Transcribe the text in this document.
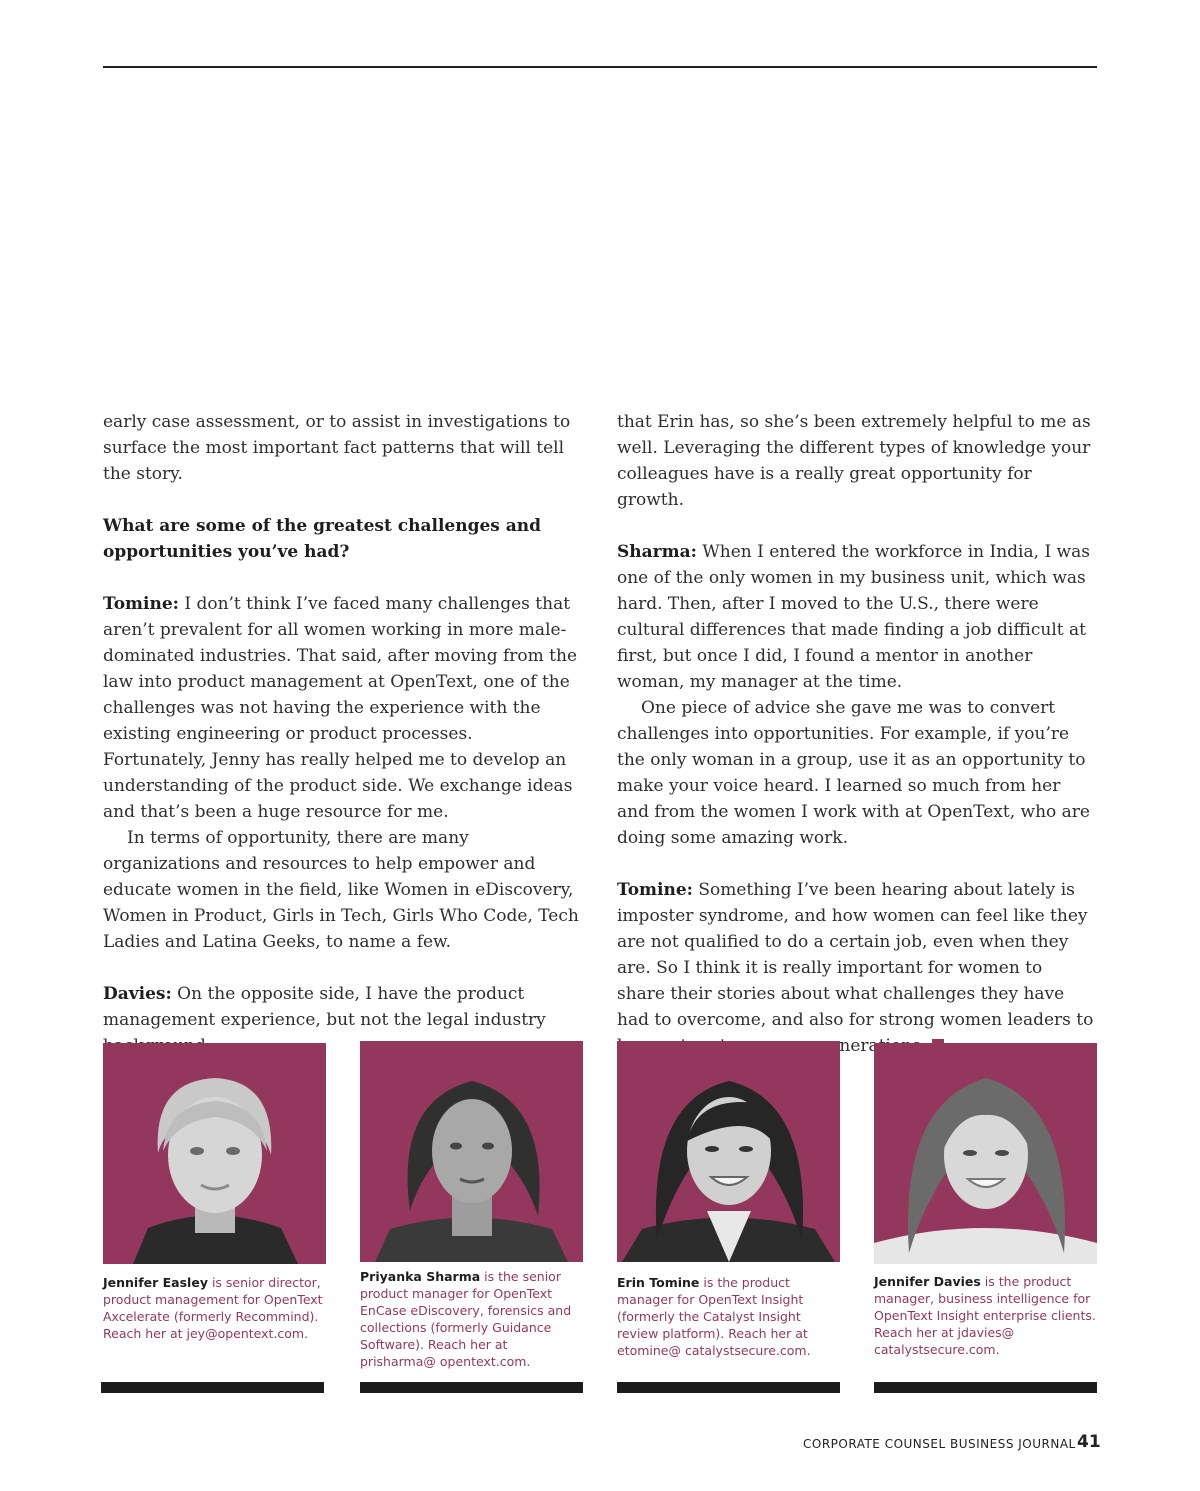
early case assessment, or to assist in investigations to surface the most important fact patterns that will tell the story.

What are some of the greatest challenges and opportunities you’ve had?

Tomine: I don’t think I’ve faced many challenges that aren’t prevalent for all women working in more male-dominated industries. That said, after moving from the law into product management at OpenText, one of the challenges was not having the experience with the existing engineering or product processes. Fortunately, Jenny has really helped me to develop an understanding of the product side. We exchange ideas and that’s been a huge resource for me.

In terms of opportunity, there are many organizations and resources to help empower and educate women in the field, like Women in eDiscovery, Women in Product, Girls in Tech, Girls Who Code, Tech Ladies and Latina Geeks, to name a few.

Davies: On the opposite side, I have the product management experience, but not the legal industry

that Erin has, so she’s been extremely helpful to me as well. Leveraging the different types of knowledge your colleagues have is a really great opportunity for growth.

Sharma: When I entered the workforce in India, I was one of the only women in my business unit, which was hard. Then, after I moved to the U.S., there were cultural differences that made finding a job difficult at first, but once I did, I found a mentor in another woman, my manager at the time.

One piece of advice she gave me was to convert challenges into opportunities. For example, if you’re the only woman in a group, use it as an opportunity to make your voice heard. I learned so much from her and from the women I work with at OpenText, who are doing some amazing work.

Tomine: Something I’ve been hearing about lately is imposter syndrome, and how women can feel like they are not qualified to do a certain job, even when they are. So I think it is really important for women to share their stories about what challenges they have had to overcome, and also for strong women leaders to generations.

Jennifer Easley is senior director, product management for OpenText Axcelerate (formerly Recommind). Reach her at jey@opentext.com.
Priyanka Sharma is the senior product manager for OpenText EnCase eDiscovery, forensics and collections (formerly Guidance Software). Reach her at prisharma@ opentext.com.
Erin Tomine is the product manager for OpenText Insight (formerly the Catalyst Insight review platform). Reach her at etomine@ catalystsecure.com.
Jennifer Davies is the product manager, business intelligence for OpenText Insight enterprise clients. Reach her at jdavies@ catalystsecure.com.
CORPORATE COUNSEL BUSINESS JOURNAL 41
